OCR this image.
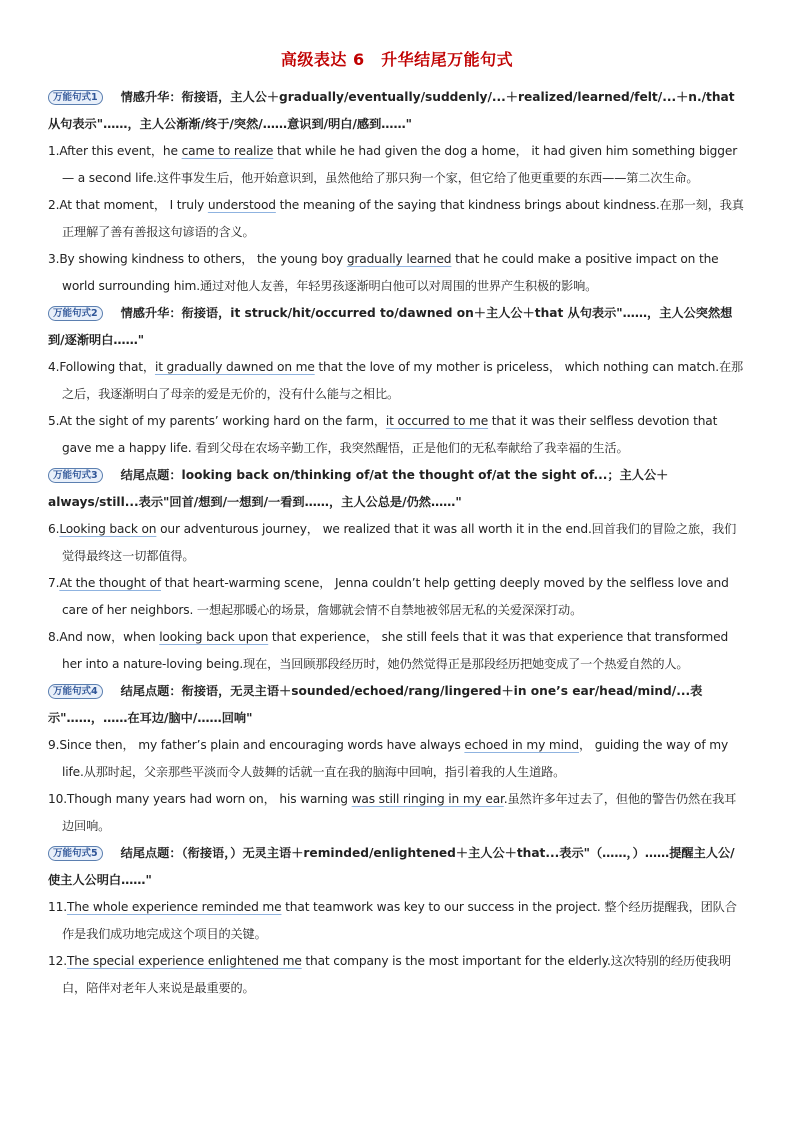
高级表达 6　升华结尾万能句式
万能句式1 情感升华：衔接语，主人公＋gradually/eventually/suddenly/...＋realized/learned/felt/...＋n./that 从句表示"……，主人公渐渐/终于/突然/……意识到/明白/感到……"
1.After this event，he came to realize that while he had given the dog a home， it had given him something bigger — a second life.这件事发生后，他开始意识到，虽然他给了那只狗一个家，但它给了他更重要的东西——第二次生命。
2.At that moment， I truly understood the meaning of the saying that kindness brings about kindness.在那一刻，我真正理解了善有善报这句谚语的含义。
3.By showing kindness to others， the young boy gradually learned that he could make a positive impact on the world surrounding him.通过对他人友善，年轻男孩逐渐明白他可以对周围的世界产生积极的影响。
万能句式2 情感升华：衔接语，it struck/hit/occurred to/dawned on＋主人公＋that 从句表示"……，主人公突然想到/逐渐明白……"
4.Following that，it gradually dawned on me that the love of my mother is priceless， which nothing can match.在那之后，我逐渐明白了母亲的爱是无价的，没有什么能与之相比。
5.At the sight of my parents’ working hard on the farm，it occurred to me that it was their selfless devotion that gave me a happy life. 看到父母在农场辛勤工作，我突然醒悟，正是他们的无私奉献给了我幸福的生活。
万能句式3 结尾点题：looking back on/thinking of/at the thought of/at the sight of...；主人公＋always/still...表示"回首/想到/一想到/一看到……，主人公总是/仍然……"
6.Looking back on our adventurous journey， we realized that it was all worth it in the end.回首我们的冒险之旅，我们觉得最终这一切都值得。
7.At the thought of that heart-warming scene， Jenna couldn’t help getting deeply moved by the selfless love and care of her neighbors. 一想起那暖心的场景，詹娜就会情不自禁地被邻居无私的关爱深深打动。
8.And now，when looking back upon that experience， she still feels that it was that experience that transformed her into a nature-loving being.现在，当回顾那段经历时，她仍然觉得正是那段经历把她变成了一个热爱自然的人。
万能句式4 结尾点题：衔接语，无灵主语＋sounded/echoed/rang/lingered＋in one’s ear/head/mind/...表示"……，……在耳边/脑中/……回响"
9.Since then， my father’s plain and encouraging words have always echoed in my mind， guiding the way of my life.从那时起，父亲那些平淡而令人鼓舞的话就一直在我的脑海中回响，指引着我的人生道路。
10.Though many years had worn on， his warning was still ringing in my ear.虽然许多年过去了，但他的警告仍然在我耳边回响。
万能句式5 结尾点题：（衔接语，）无灵主语＋reminded/enlightened＋主人公＋that...表示"（……，）……提醒主人公/使主人公明白……"
11.The whole experience reminded me that teamwork was key to our success in the project. 整个经历提醒我，团队合作是我们成功地完成这个项目的关键。
12.The special experience enlightened me that company is the most important for the elderly.这次特别的经历使我明白，陪伴对老年人来说是最重要的。
